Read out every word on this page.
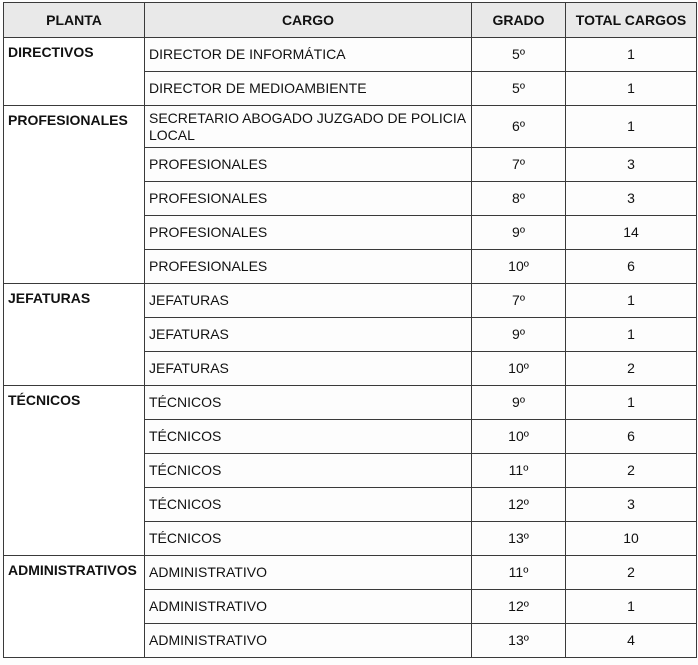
PLANTA	CARGO	GRADO	TOTAL CARGOS
DIRECTIVOS	DIRECTOR DE INFORMÁTICA	5º	1
	DIRECTOR DE MEDIOAMBIENTE	5º	1
PROFESIONALES	SECRETARIO ABOGADO JUZGADO DE POLICIA LOCAL	6º	1
	PROFESIONALES	7º	3
	PROFESIONALES	8º	3
	PROFESIONALES	9º	14
	PROFESIONALES	10º	6
JEFATURAS	JEFATURAS	7º	1
	JEFATURAS	9º	1
	JEFATURAS	10º	2
TÉCNICOS	TÉCNICOS	9º	1
	TÉCNICOS	10º	6
	TÉCNICOS	11º	2
	TÉCNICOS	12º	3
	TÉCNICOS	13º	10
ADMINISTRATIVOS	ADMINISTRATIVO	11º	2
	ADMINISTRATIVO	12º	1
	ADMINISTRATIVO	13º	4
